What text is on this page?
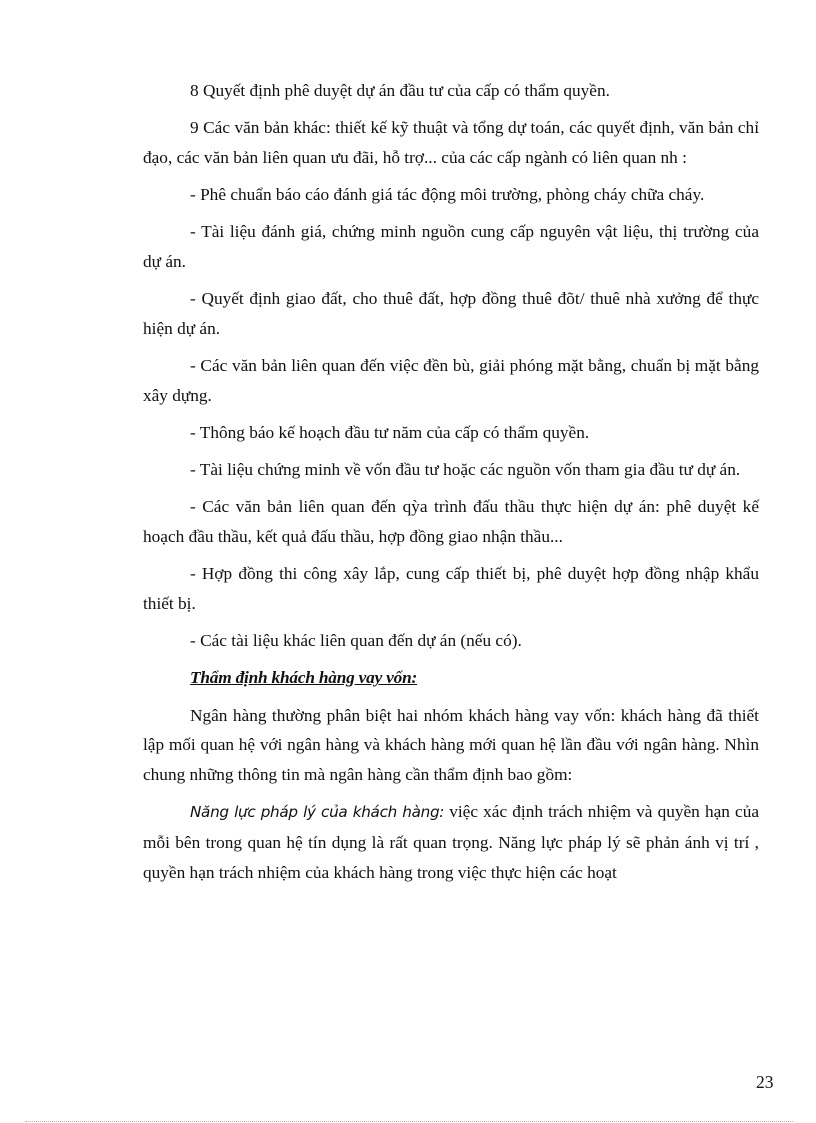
8 Quyết định phê duyệt dự án đầu tư của cấp có thẩm quyền.

9 Các văn bản khác: thiết kế kỹ thuật và tổng dự toán, các quyết định, văn bản chỉ đạo, các văn bản liên quan ưu đãi, hỗ trợ... của các cấp ngành có liên quan nh :

- Phê chuẩn báo cáo đánh giá tác động môi trường, phòng cháy chữa cháy.

- Tài liệu đánh giá, chứng minh nguồn cung cấp nguyên vật liệu, thị trường của dự án.

- Quyết định giao đất, cho thuê đất, hợp đồng thuê đõt/ thuê nhà xưởng để thực hiện dự án.

- Các văn bản liên quan đến việc đền bù, giải phóng mặt bằng, chuẩn bị mặt bằng xây dựng.

- Thông báo kế hoạch đầu tư năm của cấp có thẩm quyền.

- Tài liệu chứng minh về vốn đầu tư hoặc các nguồn vốn tham gia đầu tư dự án.

- Các văn bản liên quan đến qỳa trình đấu thầu thực hiện dự án: phê duyệt kế hoạch đầu thầu, kết quả đấu thầu, hợp đồng giao nhận thầu...

- Hợp đồng thi công xây lắp, cung cấp thiết bị, phê duyệt hợp đồng nhập khẩu thiết bị.

- Các tài liệu khác liên quan đến dự án (nếu có).

Thẩm định khách hàng vay vốn:

Ngân hàng thường phân biệt hai nhóm khách hàng vay vốn: khách hàng đã thiết lập mối quan hệ với ngân hàng và khách hàng mới quan hệ lần đầu với ngân hàng. Nhìn chung những thông tin mà ngân hàng cần thẩm định bao gồm:

Năng lực pháp lý của khách hàng: việc xác định trách nhiệm và quyền hạn của mỗi bên trong quan hệ tín dụng là rất quan trọng. Năng lực pháp lý sẽ phản ánh vị trí , quyền hạn trách nhiệm của khách hàng trong việc thực hiện các hoạt

23
